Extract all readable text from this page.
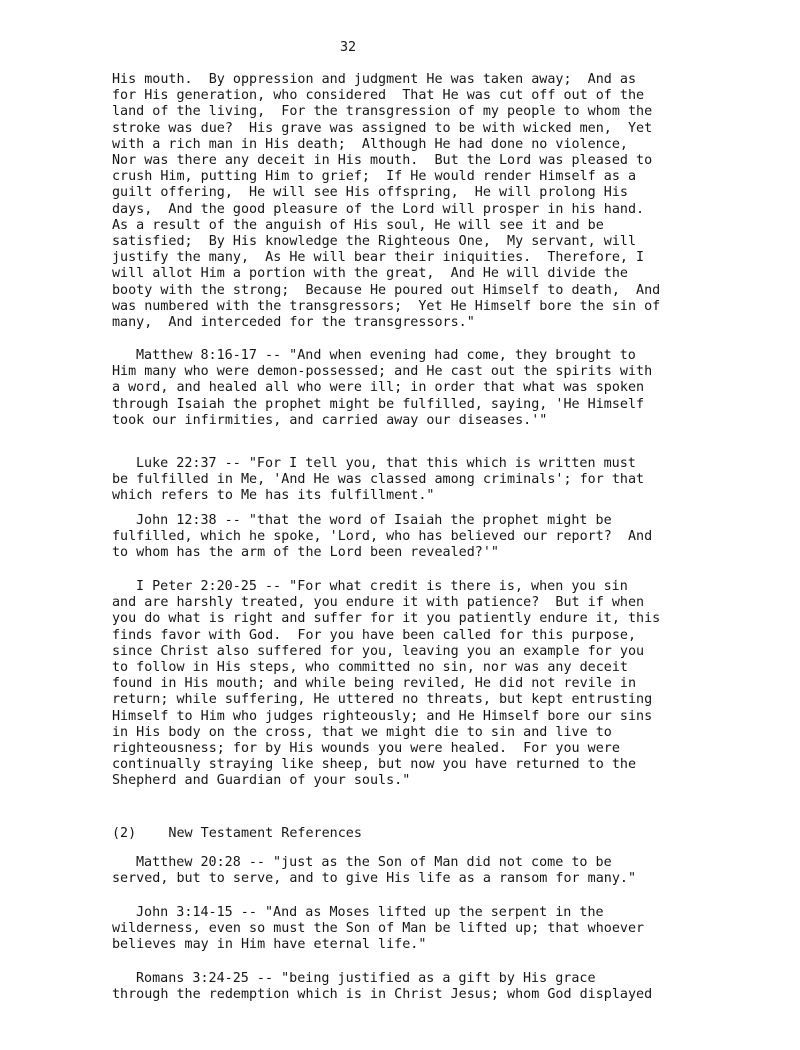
32
His mouth.  By oppression and judgment He was taken away;  And as
for His generation, who considered  That He was cut off out of the
land of the living,  For the transgression of my people to whom the
stroke was due?  His grave was assigned to be with wicked men,  Yet
with a rich man in His death;  Although He had done no violence,
Nor was there any deceit in His mouth.  But the Lord was pleased to
crush Him, putting Him to grief;  If He would render Himself as a
guilt offering,  He will see His offspring,  He will prolong His
days,  And the good pleasure of the Lord will prosper in his hand.
As a result of the anguish of His soul, He will see it and be
satisfied;  By His knowledge the Righteous One,  My servant, will
justify the many,  As He will bear their iniquities.  Therefore, I
will allot Him a portion with the great,  And He will divide the
booty with the strong;  Because He poured out Himself to death,  And
was numbered with the transgressors;  Yet He Himself bore the sin of
many,  And interceded for the transgressors."
Matthew 8:16-17 -- "And when evening had come, they brought to
Him many who were demon-possessed; and He cast out the spirits with
a word, and healed all who were ill; in order that what was spoken
through Isaiah the prophet might be fulfilled, saying, 'He Himself
took our infirmities, and carried away our diseases.'"
Luke 22:37 -- "For I tell you, that this which is written must
be fulfilled in Me, 'And He was classed among criminals'; for that
which refers to Me has its fulfillment."
John 12:38 -- "that the word of Isaiah the prophet might be
fulfilled, which he spoke, 'Lord, who has believed our report?  And
to whom has the arm of the Lord been revealed?'"
I Peter 2:20-25 -- "For what credit is there is, when you sin
and are harshly treated, you endure it with patience?  But if when
you do what is right and suffer for it you patiently endure it, this
finds favor with God.  For you have been called for this purpose,
since Christ also suffered for you, leaving you an example for you
to follow in His steps, who committed no sin, nor was any deceit
found in His mouth; and while being reviled, He did not revile in
return; while suffering, He uttered no threats, but kept entrusting
Himself to Him who judges righteously; and He Himself bore our sins
in His body on the cross, that we might die to sin and live to
righteousness; for by His wounds you were healed.  For you were
continually straying like sheep, but now you have returned to the
Shepherd and Guardian of your souls."
(2)    New Testament References
Matthew 20:28 -- "just as the Son of Man did not come to be
served, but to serve, and to give His life as a ransom for many."
John 3:14-15 -- "And as Moses lifted up the serpent in the
wilderness, even so must the Son of Man be lifted up; that whoever
believes may in Him have eternal life."
Romans 3:24-25 -- "being justified as a gift by His grace
through the redemption which is in Christ Jesus; whom God displayed
